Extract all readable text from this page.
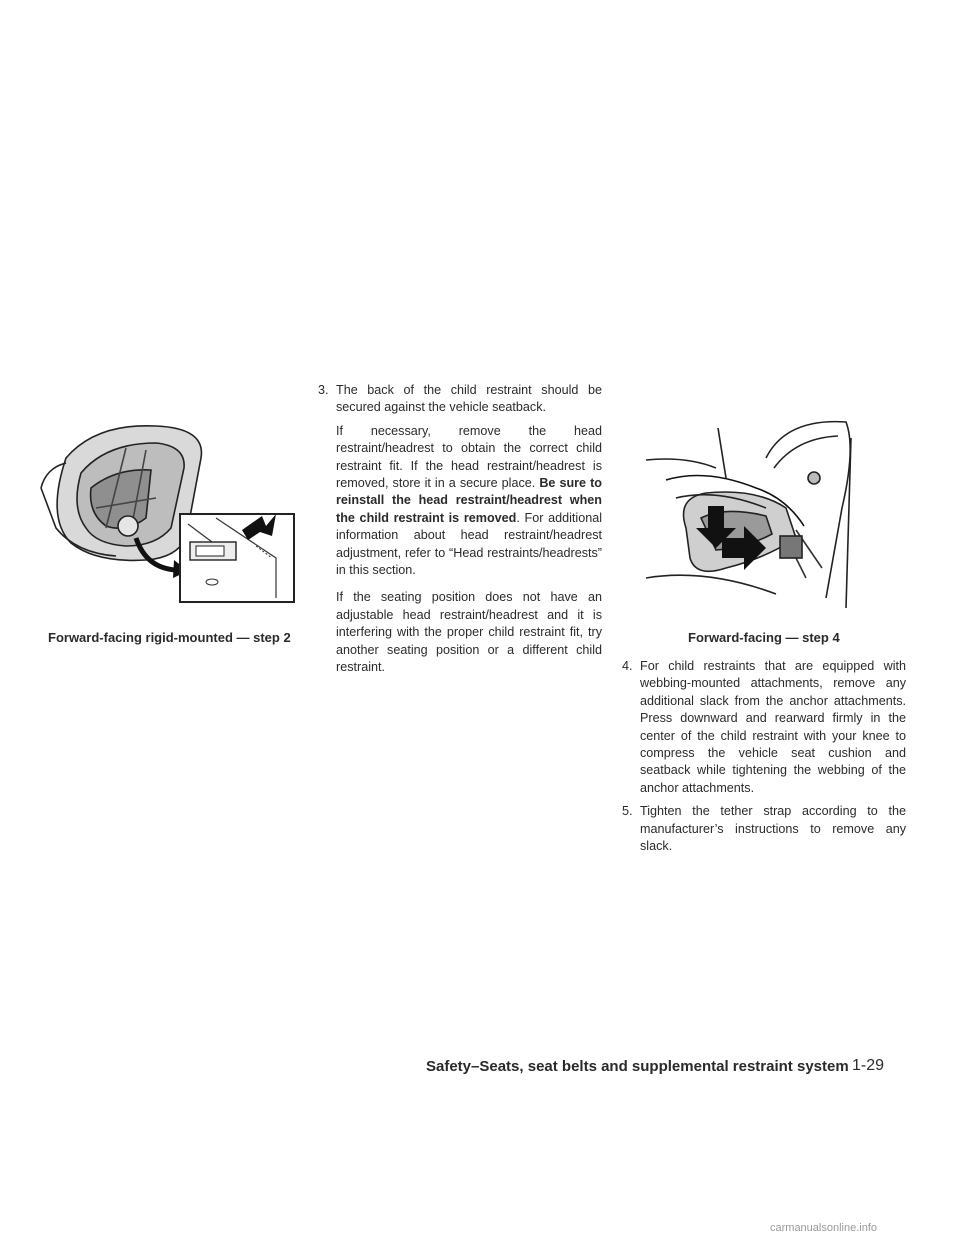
Forward-facing rigid-mounted — step 2
3. The back of the child restraint should be secured against the vehicle seatback.

If necessary, remove the head restraint/headrest to obtain the correct child restraint fit. If the head restraint/headrest is removed, store it in a secure place. Be sure to reinstall the head restraint/headrest when the child restraint is removed. For additional information about head restraint/headrest adjustment, refer to “Head restraints/headrests” in this section.

If the seating position does not have an adjustable head restraint/headrest and it is interfering with the proper child restraint fit, try another seating position or a different child restraint.

Forward-facing — step 4
4. For child restraints that are equipped with webbing-mounted attachments, remove any additional slack from the anchor attachments. Press downward and rearward firmly in the center of the child restraint with your knee to compress the vehicle seat cushion and seatback while tightening the webbing of the anchor attachments.
5. Tighten the tether strap according to the manufacturer’s instructions to remove any slack.
Safety–Seats, seat belts and supplemental restraint system 1-29
carmanualsonline.info
